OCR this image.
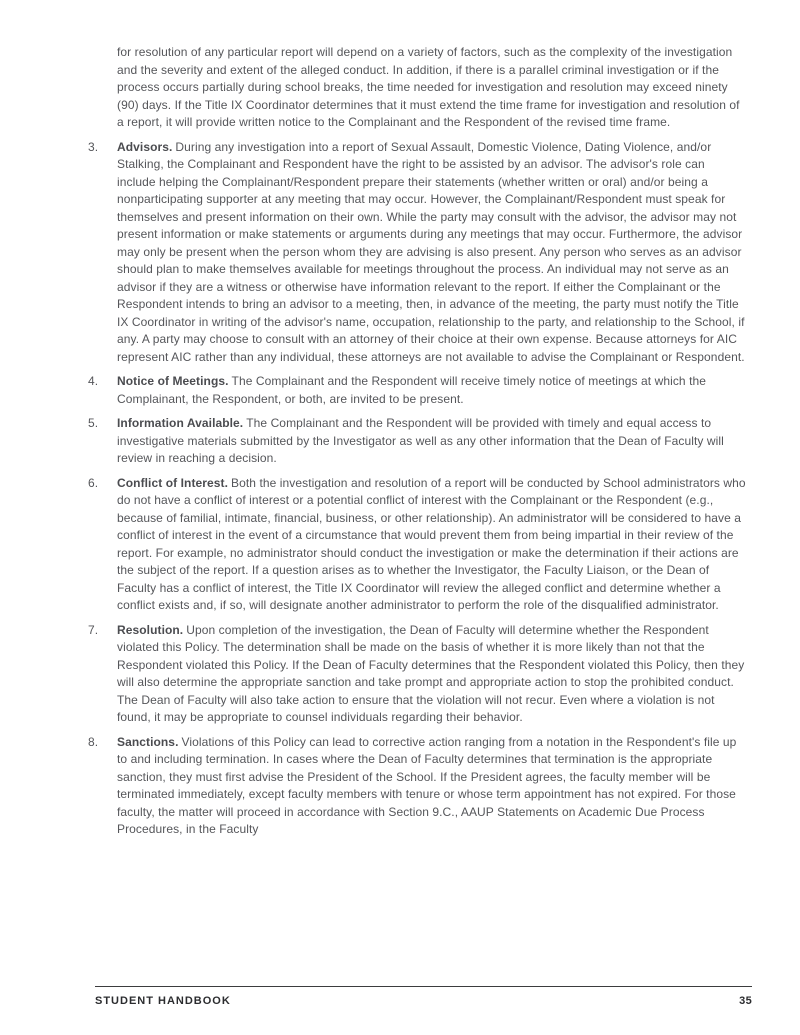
for resolution of any particular report will depend on a variety of factors, such as the complexity of the investigation and the severity and extent of the alleged conduct. In addition, if there is a parallel criminal investigation or if the process occurs partially during school breaks, the time needed for investigation and resolution may exceed ninety (90) days. If the Title IX Coordinator determines that it must extend the time frame for investigation and resolution of a report, it will provide written notice to the Complainant and the Respondent of the revised time frame.

3.	Advisors. During any investigation into a report of Sexual Assault, Domestic Violence, Dating Violence, and/or Stalking, the Complainant and Respondent have the right to be assisted by an advisor. The advisor's role can include helping the Complainant/Respondent prepare their statements (whether written or oral) and/or being a nonparticipating supporter at any meeting that may occur. However, the Complainant/Respondent must speak for themselves and present information on their own. While the party may consult with the advisor, the advisor may not present information or make statements or arguments during any meetings that may occur. Furthermore, the advisor may only be present when the person whom they are advising is also present. Any person who serves as an advisor should plan to make themselves available for meetings throughout the process. An individual may not serve as an advisor if they are a witness or otherwise have information relevant to the report. If either the Complainant or the Respondent intends to bring an advisor to a meeting, then, in advance of the meeting, the party must notify the Title IX Coordinator in writing of the advisor's name, occupation, relationship to the party, and relationship to the School, if any. A party may choose to consult with an attorney of their choice at their own expense. Because attorneys for AIC represent AIC rather than any individual, these attorneys are not available to advise the Complainant or Respondent.

4.	Notice of Meetings. The Complainant and the Respondent will receive timely notice of meetings at which the Complainant, the Respondent, or both, are invited to be present.

5.	Information Available. The Complainant and the Respondent will be provided with timely and equal access to investigative materials submitted by the Investigator as well as any other information that the Dean of Faculty will review in reaching a decision.

6.	Conflict of Interest. Both the investigation and resolution of a report will be conducted by School administrators who do not have a conflict of interest or a potential conflict of interest with the Complainant or the Respondent (e.g., because of familial, intimate, financial, business, or other relationship). An administrator will be considered to have a conflict of interest in the event of a circumstance that would prevent them from being impartial in their review of the report. For example, no administrator should conduct the investigation or make the determination if their actions are the subject of the report. If a question arises as to whether the Investigator, the Faculty Liaison, or the Dean of Faculty has a conflict of interest, the Title IX Coordinator will review the alleged conflict and determine whether a conflict exists and, if so, will designate another administrator to perform the role of the disqualified administrator.

7.	Resolution. Upon completion of the investigation, the Dean of Faculty will determine whether the Respondent violated this Policy. The determination shall be made on the basis of whether it is more likely than not that the Respondent violated this Policy. If the Dean of Faculty determines that the Respondent violated this Policy, then they will also determine the appropriate sanction and take prompt and appropriate action to stop the prohibited conduct. The Dean of Faculty will also take action to ensure that the violation will not recur. Even where a violation is not found, it may be appropriate to counsel individuals regarding their behavior.

8.	Sanctions. Violations of this Policy can lead to corrective action ranging from a notation in the Respondent's file up to and including termination. In cases where the Dean of Faculty determines that termination is the appropriate sanction, they must first advise the President of the School. If the President agrees, the faculty member will be terminated immediately, except faculty members with tenure or whose term appointment has not expired. For those faculty, the matter will proceed in accordance with Section 9.C., AAUP Statements on Academic Due Process Procedures, in the Faculty

STUDENT HANDBOOK	35
